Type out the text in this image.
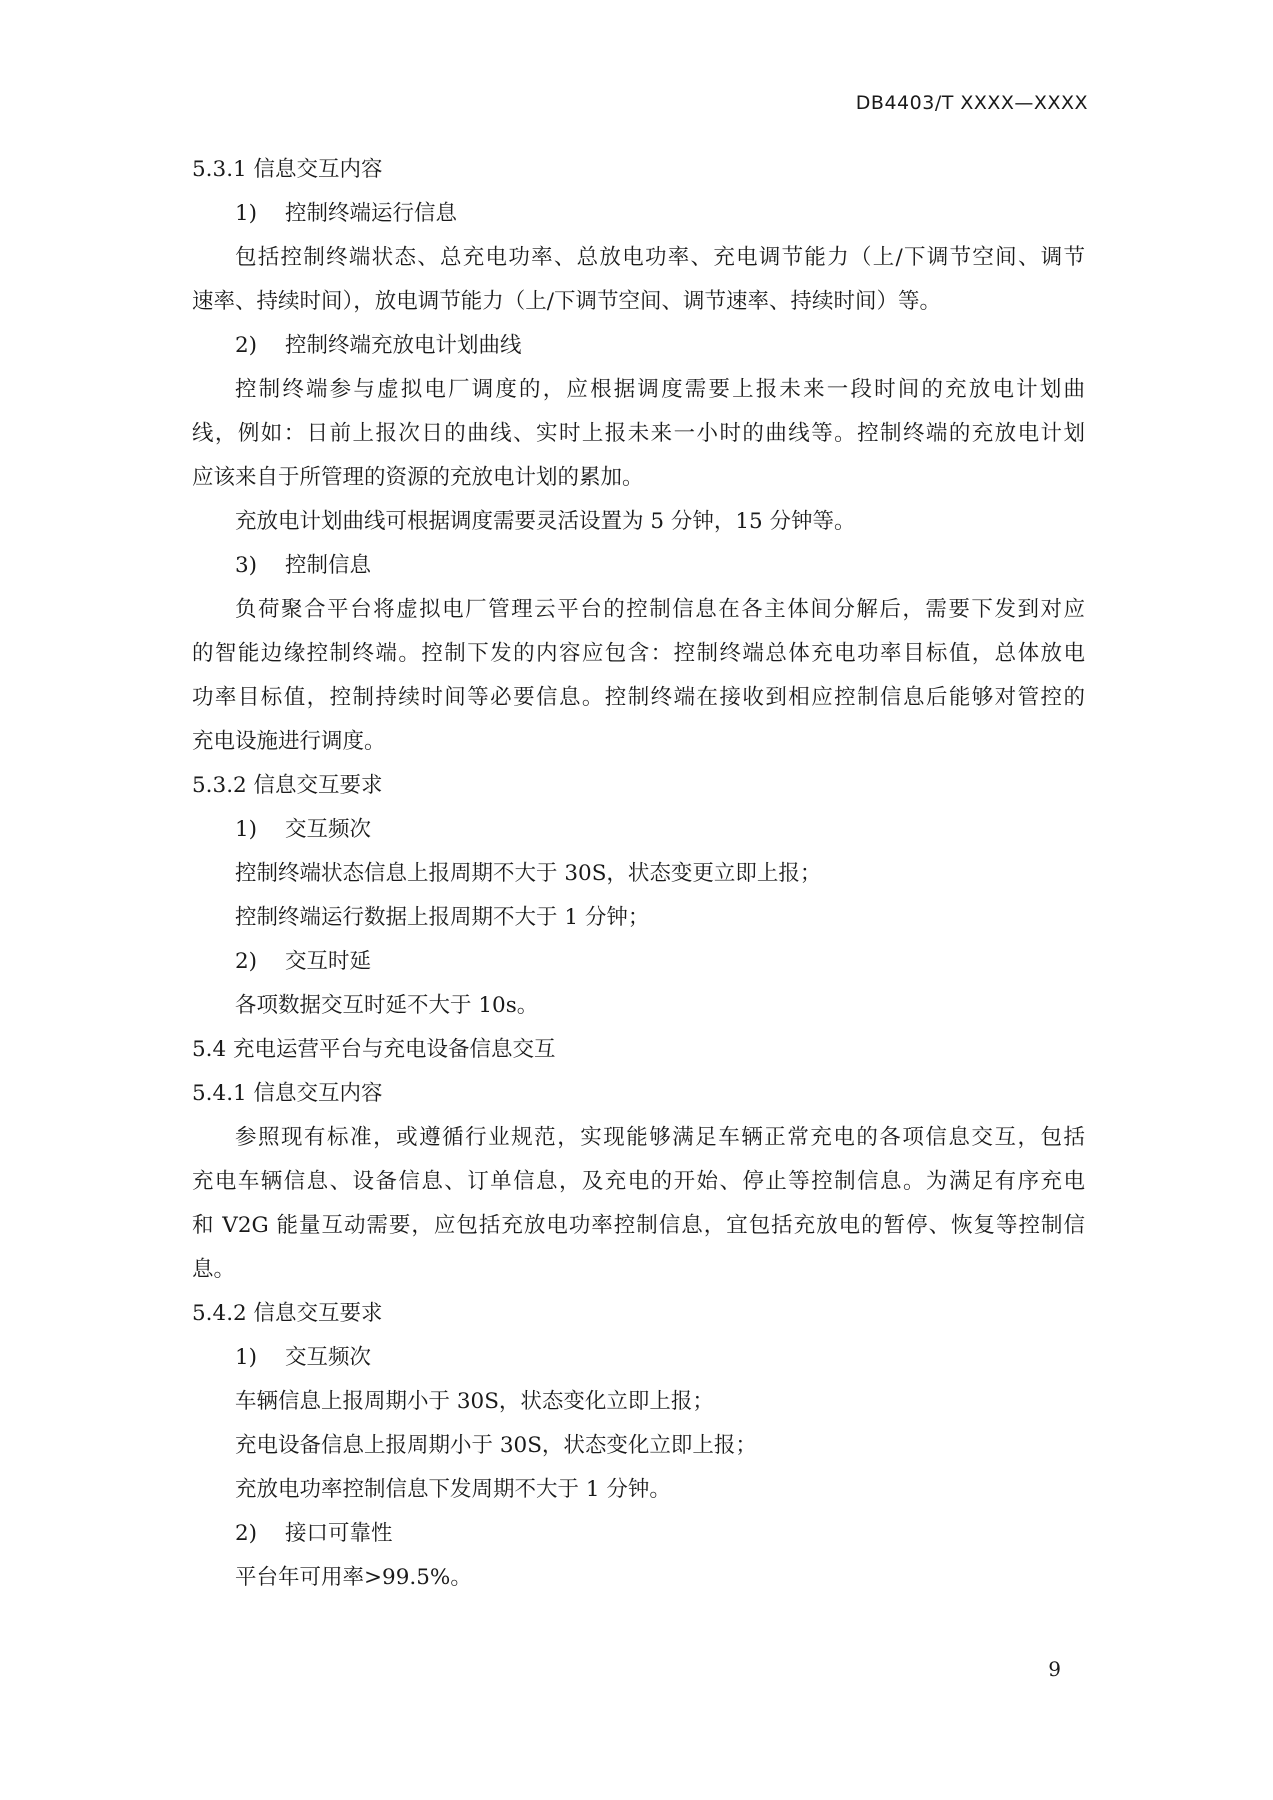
DB4403/T XXXX—XXXX
5.3.1 信息交互内容
1) 控制终端运行信息
包括控制终端状态、总充电功率、总放电功率、充电调节能力（上/下调节空间、调节
速率、持续时间），放电调节能力（上/下调节空间、调节速率、持续时间）等。
2) 控制终端充放电计划曲线
控制终端参与虚拟电厂调度的，应根据调度需要上报未来一段时间的充放电计划曲
线，例如：日前上报次日的曲线、实时上报未来一小时的曲线等。控制终端的充放电计划
应该来自于所管理的资源的充放电计划的累加。
充放电计划曲线可根据调度需要灵活设置为 5 分钟，15 分钟等。
3) 控制信息
负荷聚合平台将虚拟电厂管理云平台的控制信息在各主体间分解后，需要下发到对应
的智能边缘控制终端。控制下发的内容应包含：控制终端总体充电功率目标值，总体放电
功率目标值，控制持续时间等必要信息。控制终端在接收到相应控制信息后能够对管控的
充电设施进行调度。
5.3.2 信息交互要求
1) 交互频次
控制终端状态信息上报周期不大于 30S，状态变更立即上报；
控制终端运行数据上报周期不大于 1 分钟；
2) 交互时延
各项数据交互时延不大于 10s。
5.4 充电运营平台与充电设备信息交互
5.4.1 信息交互内容
参照现有标准，或遵循行业规范，实现能够满足车辆正常充电的各项信息交互，包括
充电车辆信息、设备信息、订单信息，及充电的开始、停止等控制信息。为满足有序充电
和 V2G 能量互动需要，应包括充放电功率控制信息，宜包括充放电的暂停、恢复等控制信
息。
5.4.2 信息交互要求
1) 交互频次
车辆信息上报周期小于 30S，状态变化立即上报；
充电设备信息上报周期小于 30S，状态变化立即上报；
充放电功率控制信息下发周期不大于 1 分钟。
2) 接口可靠性
平台年可用率>99.5%。
9
